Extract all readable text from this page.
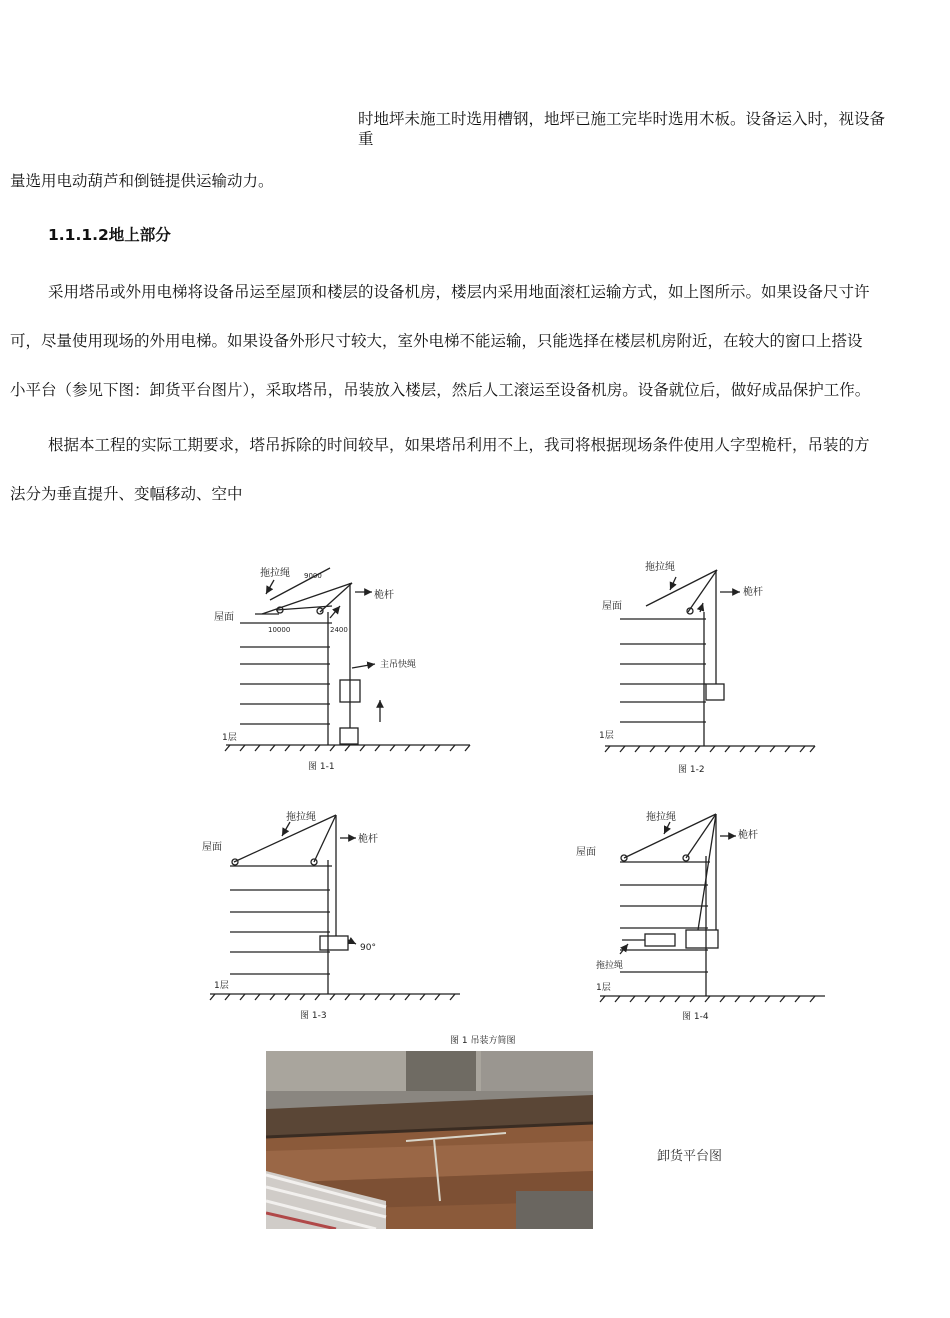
时地坪未施工时选用槽钢，地坪已施工完毕时选用木板。设备运入时，视设备
重
量选用电动葫芦和倒链提供运输动力。
1.1.1.2地上部分
采用塔吊或外用电梯将设备吊运至屋顶和楼层的设备机房，楼层内采用地面滚杠运输方式，如上图所示。如果设备尺寸许
可，尽量使用现场的外用电梯。如果设备外形尺寸较大，室外电梯不能运输，只能选择在楼层机房附近，在较大的窗口上搭设
小平台（参见下图：卸货平台图片），采取塔吊，吊装放入楼层，然后人工滚运至设备机房。设备就位后，做好成品保护工作。
根据本工程的实际工期要求，塔吊拆除的时间较早，如果塔吊利用不上，我司将根据现场条件使用人字型桅杆，吊装的方
法分为垂直提升、变幅移动、空中
拖拉绳 9000
桅杆
屋面
10000	2400
主吊快绳
1层
图 1-1
拖拉绳
桅杆
屋面
1层
图 1-2
拖拉绳
桅杆
屋面
90°
1层
图 1-3
拖拉绳
桅杆
屋面
拖拉绳
1层
图 1-4
图 1 吊装方简图
卸货平台图
